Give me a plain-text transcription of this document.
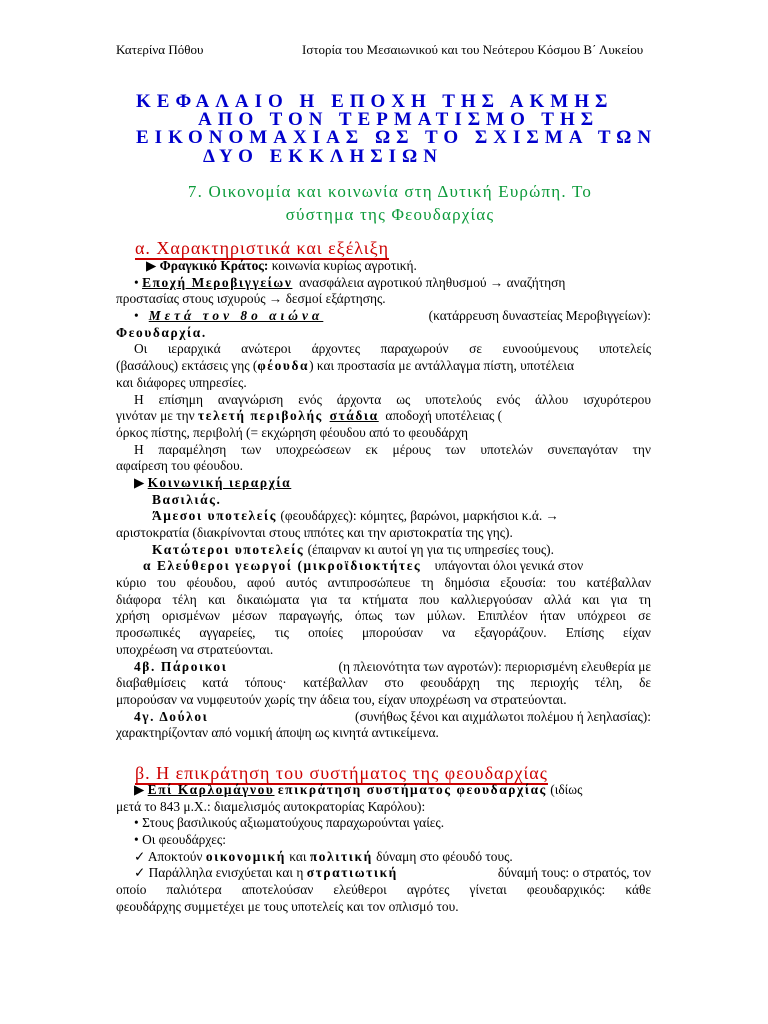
Κατερίνα Πόθου	Ιστορία του Μεσαιωνικού και του Νεότερου Κόσμου Β΄ Λυκείου
ΚΕΦΑΛΑΙΟ Η ΕΠΟΧΗ ΤΗΣ ΑΚΜΗΣ
ΑΠΟ ΤΟΝ ΤΕΡΜΑΤΙΣΜΟ ΤΗΣ
ΕΙΚΟΝΟΜΑΧΙΑΣ ΩΣ ΤΟ ΣΧΙΣΜΑ ΤΩΝ
ΔΥΟ ΕΚΚΛΗΣΙΩΝ
7. Οικονομία και κοινωνία στη Δυτική Ευρώπη. Το
σύστημα της Φεουδαρχίας
α. Χαρακτηριστικά και εξέλιξη
▶ Φραγκικό Κράτος: κοινωνία κυρίως αγροτική.
• Εποχή Μεροβιγγείων ανασφάλεια αγροτικού πληθυσμού → αναζήτηση
προστασίας στους ισχυρούς → δεσμοί εξάρτησης.
• Μετά τον 8ο αιώνα	(κατάρρευση δυναστείας Μεροβιγγείων):
Φεουδαρχία.
Οι ιεραρχικά ανώτεροι άρχοντες παραχωρούν σε ευνοούμενους υποτελείς
(βασάλους) εκτάσεις γης (φέουδα) και προστασία με αντάλλαγμα πίστη, υποτέλεια
και διάφορες υπηρεσίες.
Η επίσημη αναγνώριση ενός άρχοντα ως υποτελούς ενός άλλου ισχυρότερου
γινόταν με την τελετή περιβολής στάδια αποδοχή υποτέλειας (
όρκος πίστης, περιβολή (= εκχώρηση φέουδου από το φεουδάρχη
Η παραμέληση των υποχρεώσεων εκ μέρους των υποτελών συνεπαγόταν την
αφαίρεση του φέουδου.
▶ Κοινωνική ιεραρχία
Βασιλιάς.
Άμεσοι υποτελείς (φεουδάρχες): κόμητες, βαρώνοι, μαρκήσιοι κ.ά. →
αριστοκρατία (διακρίνονται στους ιππότες και την αριστοκρατία της γης).
Κατώτεροι υποτελείς (έπαιρναν κι αυτοί γη για τις υπηρεσίες τους).
α Ελεύθεροι γεωργοί (μικροϊδιοκτήτες υπάγονται όλοι γενικά στον
κύριο του φέουδου, αφού αυτός αντιπροσώπευε τη δημόσια εξουσία: του κατέβαλλαν
διάφορα τέλη και δικαιώματα για τα κτήματα που καλλιεργούσαν αλλά και για τη
χρήση ορισμένων μέσων παραγωγής, όπως των μύλων. Επιπλέον ήταν υπόχρεοι σε
προσωπικές αγγαρείες, τις οποίες μπορούσαν να εξαγοράζουν. Επίσης είχαν
υποχρέωση να στρατεύονται.
4β. Πάροικοι	(η πλειονότητα των αγροτών): περιορισμένη ελευθερία με
διαβαθμίσεις κατά τόπους· κατέβαλλαν στο φεουδάρχη της περιοχής τέλη, δε
μπορούσαν να νυμφευτούν χωρίς την άδεια του, είχαν υποχρέωση να στρατεύονται.
4γ. Δούλοι	(συνήθως ξένοι και αιχμάλωτοι πολέμου ή λεηλασίας):
χαρακτηρίζονταν από νομική άποψη ως κινητά αντικείμενα.
β. Η επικράτηση του συστήματος της φεουδαρχίας
▶ Επί Καρλομάγνου επικράτηση συστήματος φεουδαρχίας (ιδίως
μετά το 843 μ.Χ.: διαμελισμός αυτοκρατορίας Καρόλου):
• Στους βασιλικούς αξιωματούχους παραχωρούνται γαίες.
• Οι φεουδάρχες:
✓ Αποκτούν οικονομική και πολιτική δύναμη στο φέουδό τους.
✓ Παράλληλα ενισχύεται και η στρατιωτική	δύναμή τους: ο στρατός, τον
οποίο παλιότερα αποτελούσαν ελεύθεροι αγρότες γίνεται φεουδαρχικός: κάθε
φεουδάρχης συμμετέχει με τους υποτελείς και τον οπλισμό του.
